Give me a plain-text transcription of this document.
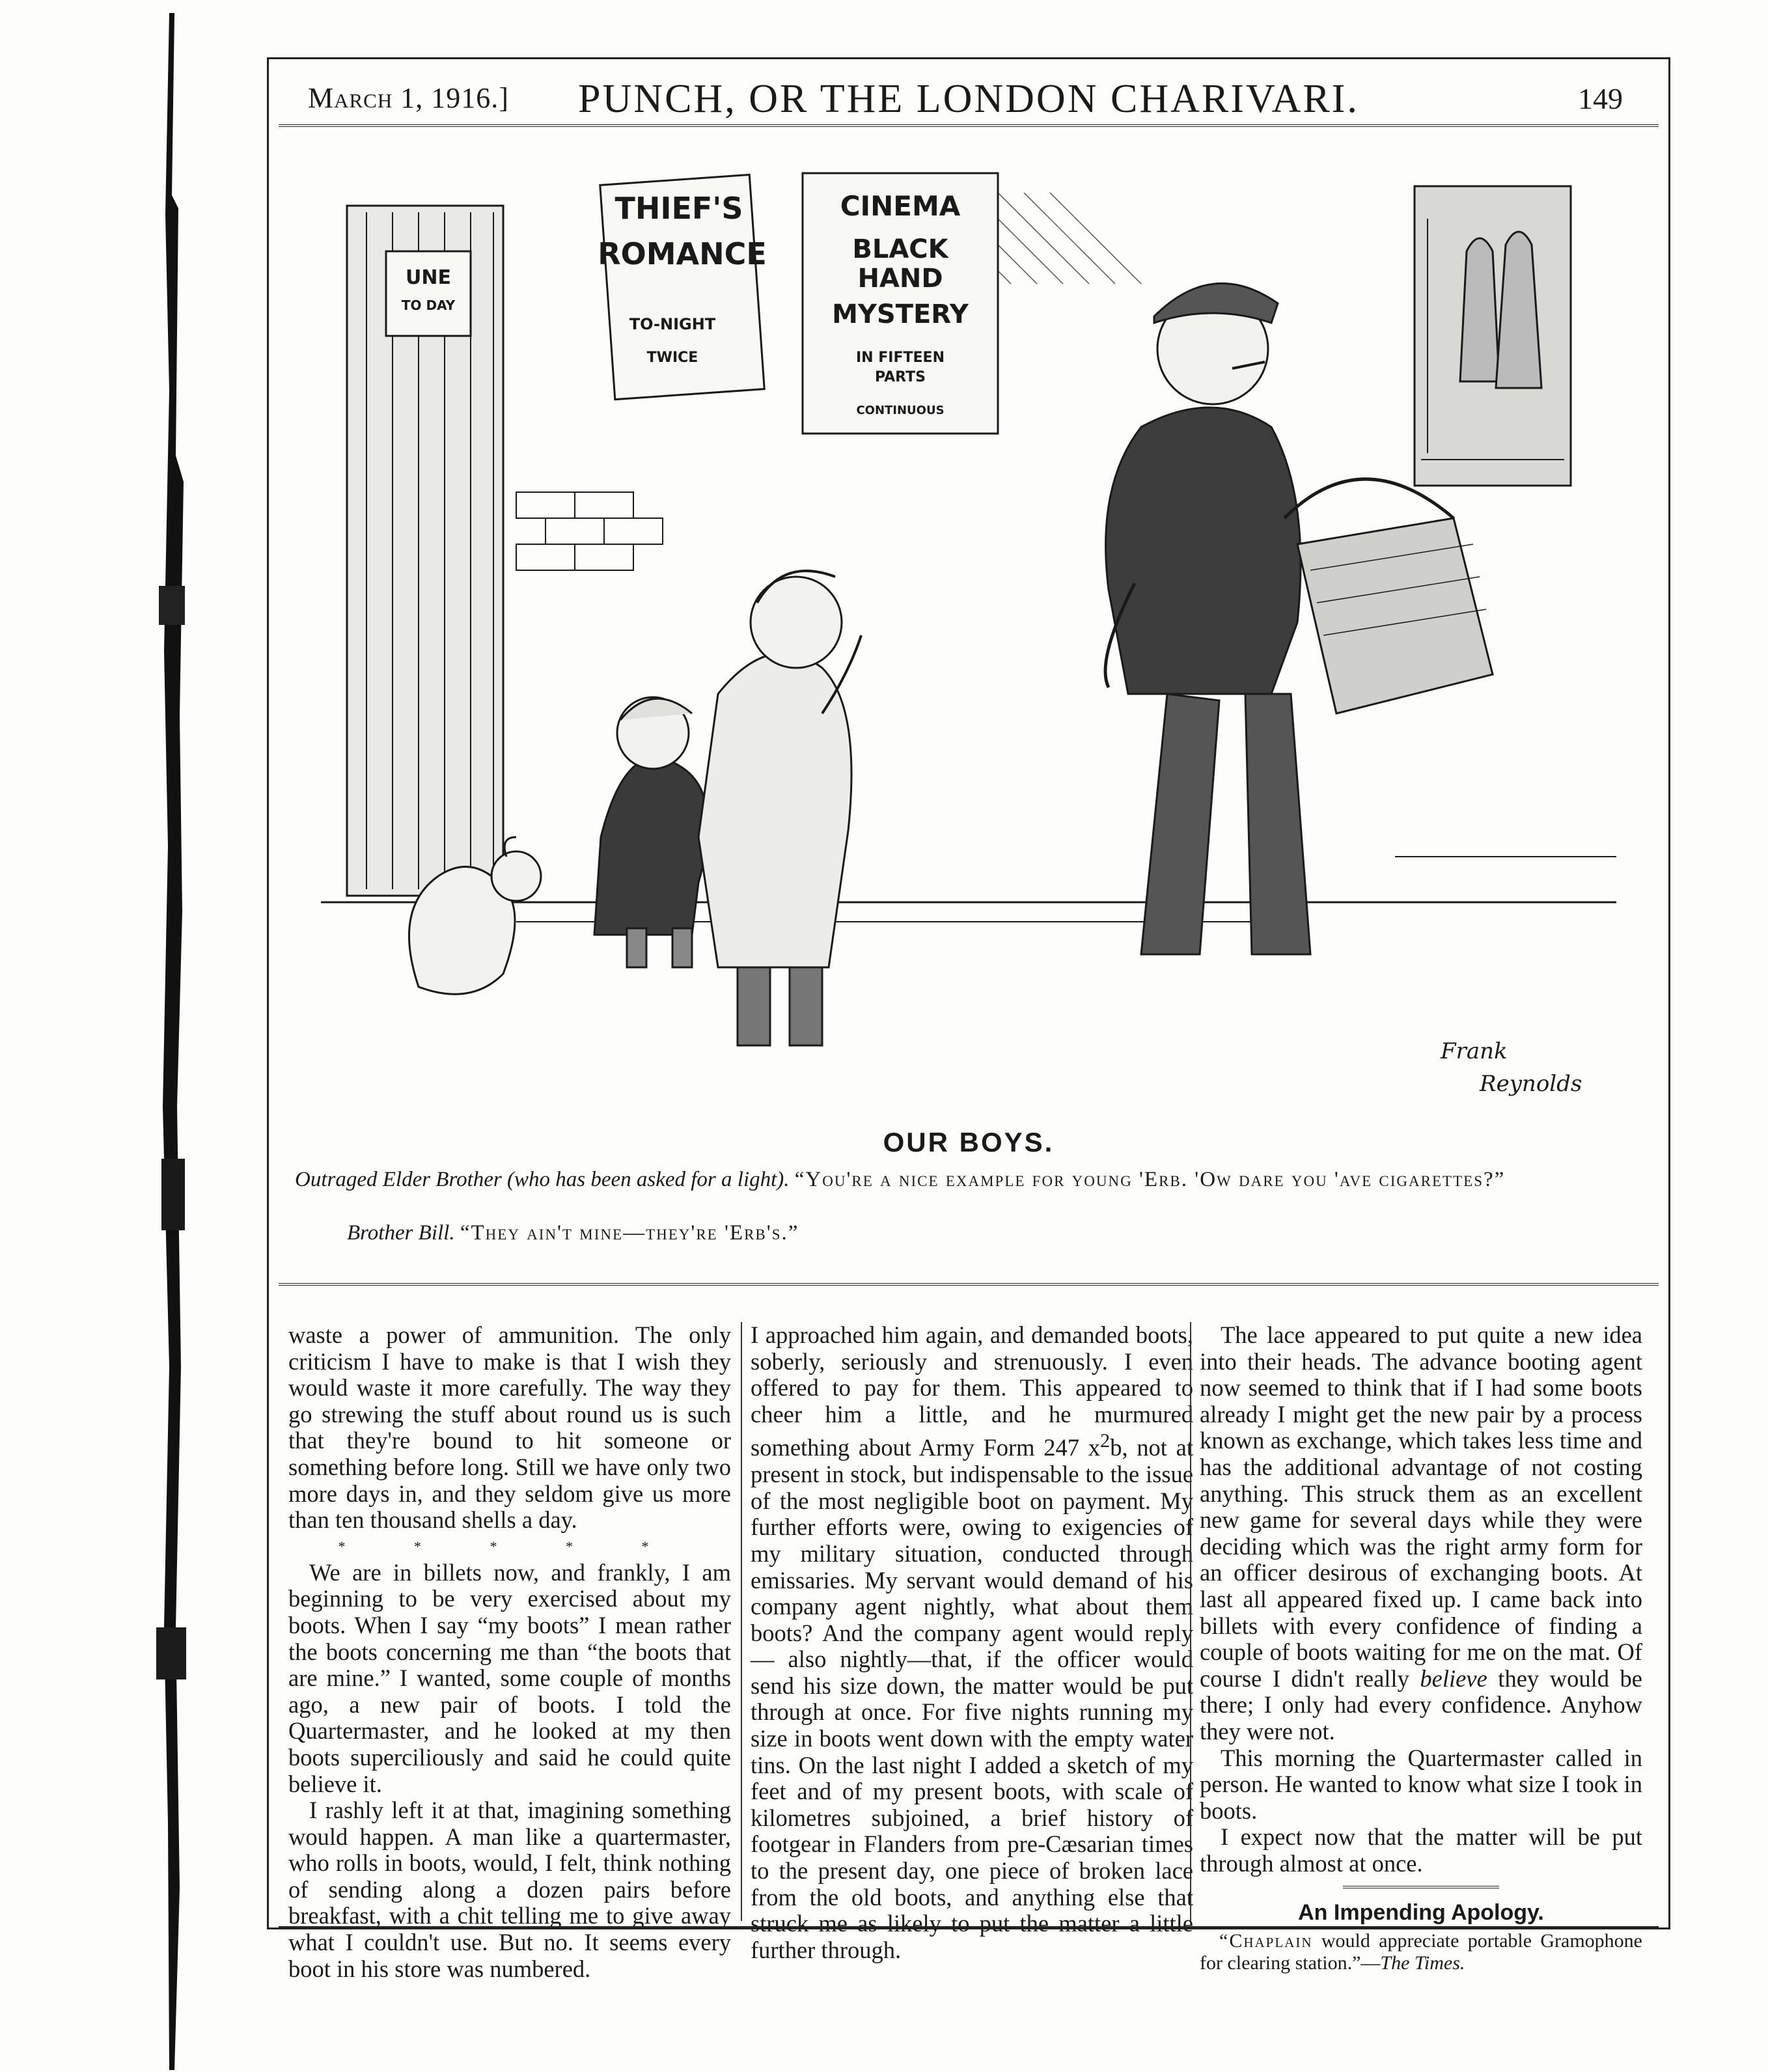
March 1, 1916.]	PUNCH, OR THE LONDON CHARIVARI.	149
THIEF'S
ROMANCE
TO-NIGHT
TWICE
CINEMA
BLACK
HAND
MYSTERY
IN FIFTEEN
PARTS
CONTINUOUS
UNE
TO DAY
Frank
Reynolds
OUR BOYS.
Outraged Elder Brother (who has been asked for a light). “You're a nice example for young 'Erb. 'Ow dare you 'ave cigarettes?”
Brother Bill. “They ain't mine—they're 'Erb's.”

waste a power of ammunition. The only criticism I have to make is that I wish they would waste it more carefully. The way they go strewing the stuff about round us is such that they're bound to hit someone or something before long. Still we have only two more days in, and they seldom give us more than ten thousand shells a day.

* * * * *

We are in billets now, and frankly, I am beginning to be very exercised about my boots. When I say “my boots” I mean rather the boots concerning me than “the boots that are mine.” I wanted, some couple of months ago, a new pair of boots. I told the Quartermaster, and he looked at my then boots superciliously and said he could quite believe it.

I rashly left it at that, imagining something would happen. A man like a quartermaster, who rolls in boots, would, I felt, think nothing of sending along a dozen pairs before breakfast, with a chit telling me to give away what I couldn't use. But no. It seems every boot in his store was numbered.

I approached him again, and demanded boots, soberly, seriously and strenuously. I even offered to pay for them. This appeared to cheer him a little, and he murmured something about Army Form 247 $x^2b$, not at present in stock, but indispensable to the issue of the most negligible boot on payment. My further efforts were, owing to exigencies of my military situation, conducted through emissaries. My servant would demand of his company agent nightly, what about them boots? And the company agent would reply — also nightly—that, if the officer would send his size down, the matter would be put through at once. For five nights running my size in boots went down with the empty water tins. On the last night I added a sketch of my feet and of my present boots, with scale of kilometres subjoined, a brief history of footgear in Flanders from pre-Cæsarian times to the present day, one piece of broken lace from the old boots, and anything else that struck me as likely to put the matter a little further through.

The lace appeared to put quite a new idea into their heads. The advance booting agent now seemed to think that if I had some boots already I might get the new pair by a process known as exchange, which takes less time and has the additional advantage of not costing anything. This struck them as an excellent new game for several days while they were deciding which was the right army form for an officer desirous of exchanging boots. At last all appeared fixed up. I came back into billets with every confidence of finding a couple of boots waiting for me on the mat. Of course I didn't really believe they would be there; I only had every confidence. Anyhow they were not.

This morning the Quartermaster called in person. He wanted to know what size I took in boots.

I expect now that the matter will be put through almost at once.

An Impending Apology.

“Chaplain would appreciate portable Gramophone for clearing station.”—The Times.
